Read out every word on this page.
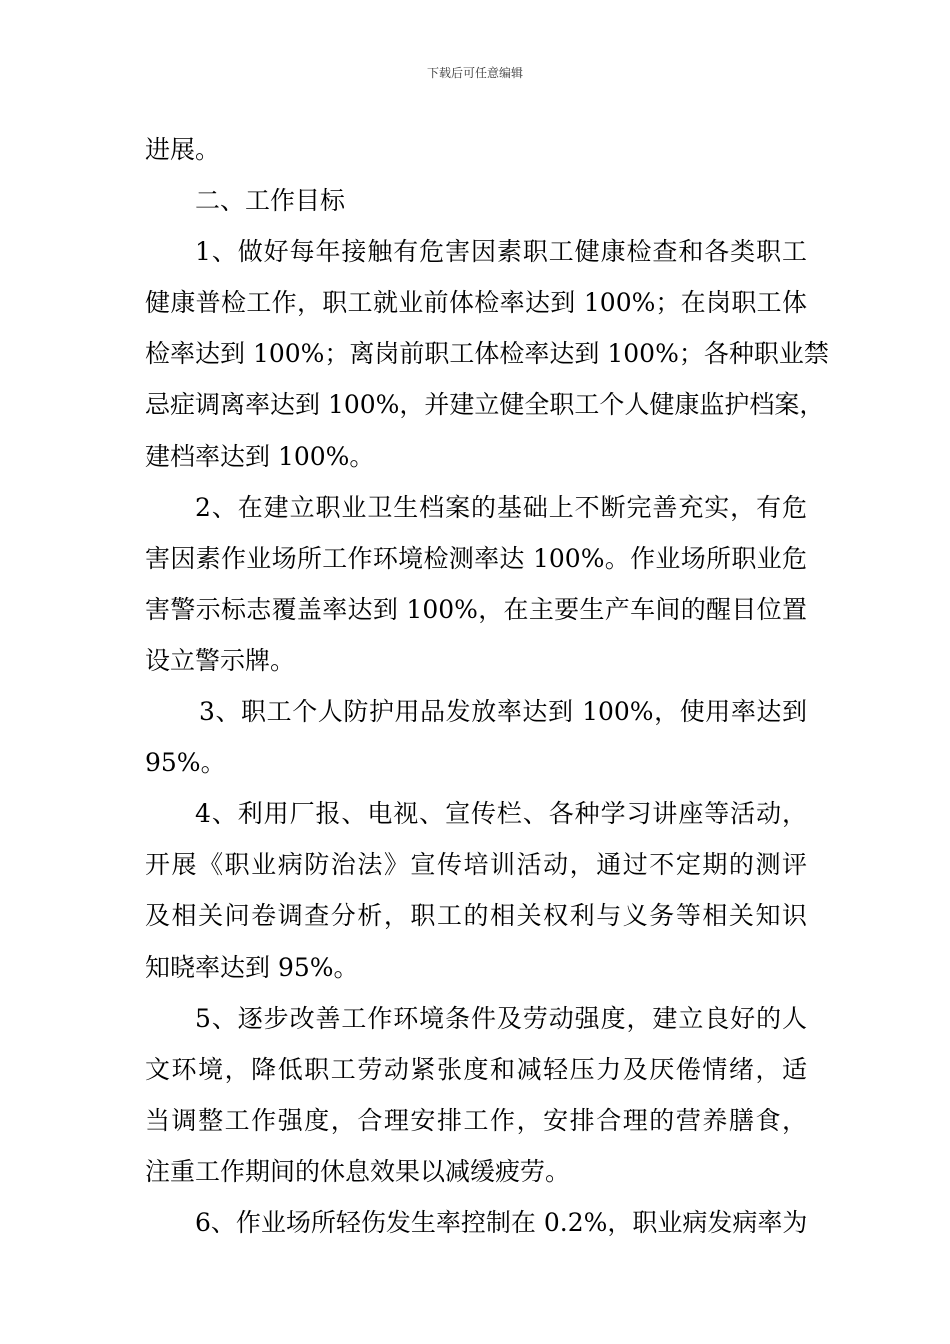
下载后可任意编辑
进展。
二、工作目标
1、做好每年接触有危害因素职工健康检查和各类职工
健康普检工作，职工就业前体检率达到 100%；在岗职工体
检率达到 100%；离岗前职工体检率达到 100%；各种职业禁
忌症调离率达到 100%，并建立健全职工个人健康监护档案，
建档率达到 100%。
2、在建立职业卫生档案的基础上不断完善充实，有危
害因素作业场所工作环境检测率达 100%。作业场所职业危
害警示标志覆盖率达到 100%，在主要生产车间的醒目位置
设立警示牌。
3、职工个人防护用品发放率达到 100%，使用率达到
95%。
4、利用厂报、电视、宣传栏、各种学习讲座等活动，
开展《职业病防治法》宣传培训活动，通过不定期的测评
及相关问卷调查分析，职工的相关权利与义务等相关知识
知晓率达到 95%。
5、逐步改善工作环境条件及劳动强度，建立良好的人
文环境，降低职工劳动紧张度和减轻压力及厌倦情绪，适
当调整工作强度，合理安排工作，安排合理的营养膳食，
注重工作期间的休息效果以减缓疲劳。
6、作业场所轻伤发生率控制在 0.2%，职业病发病率为
